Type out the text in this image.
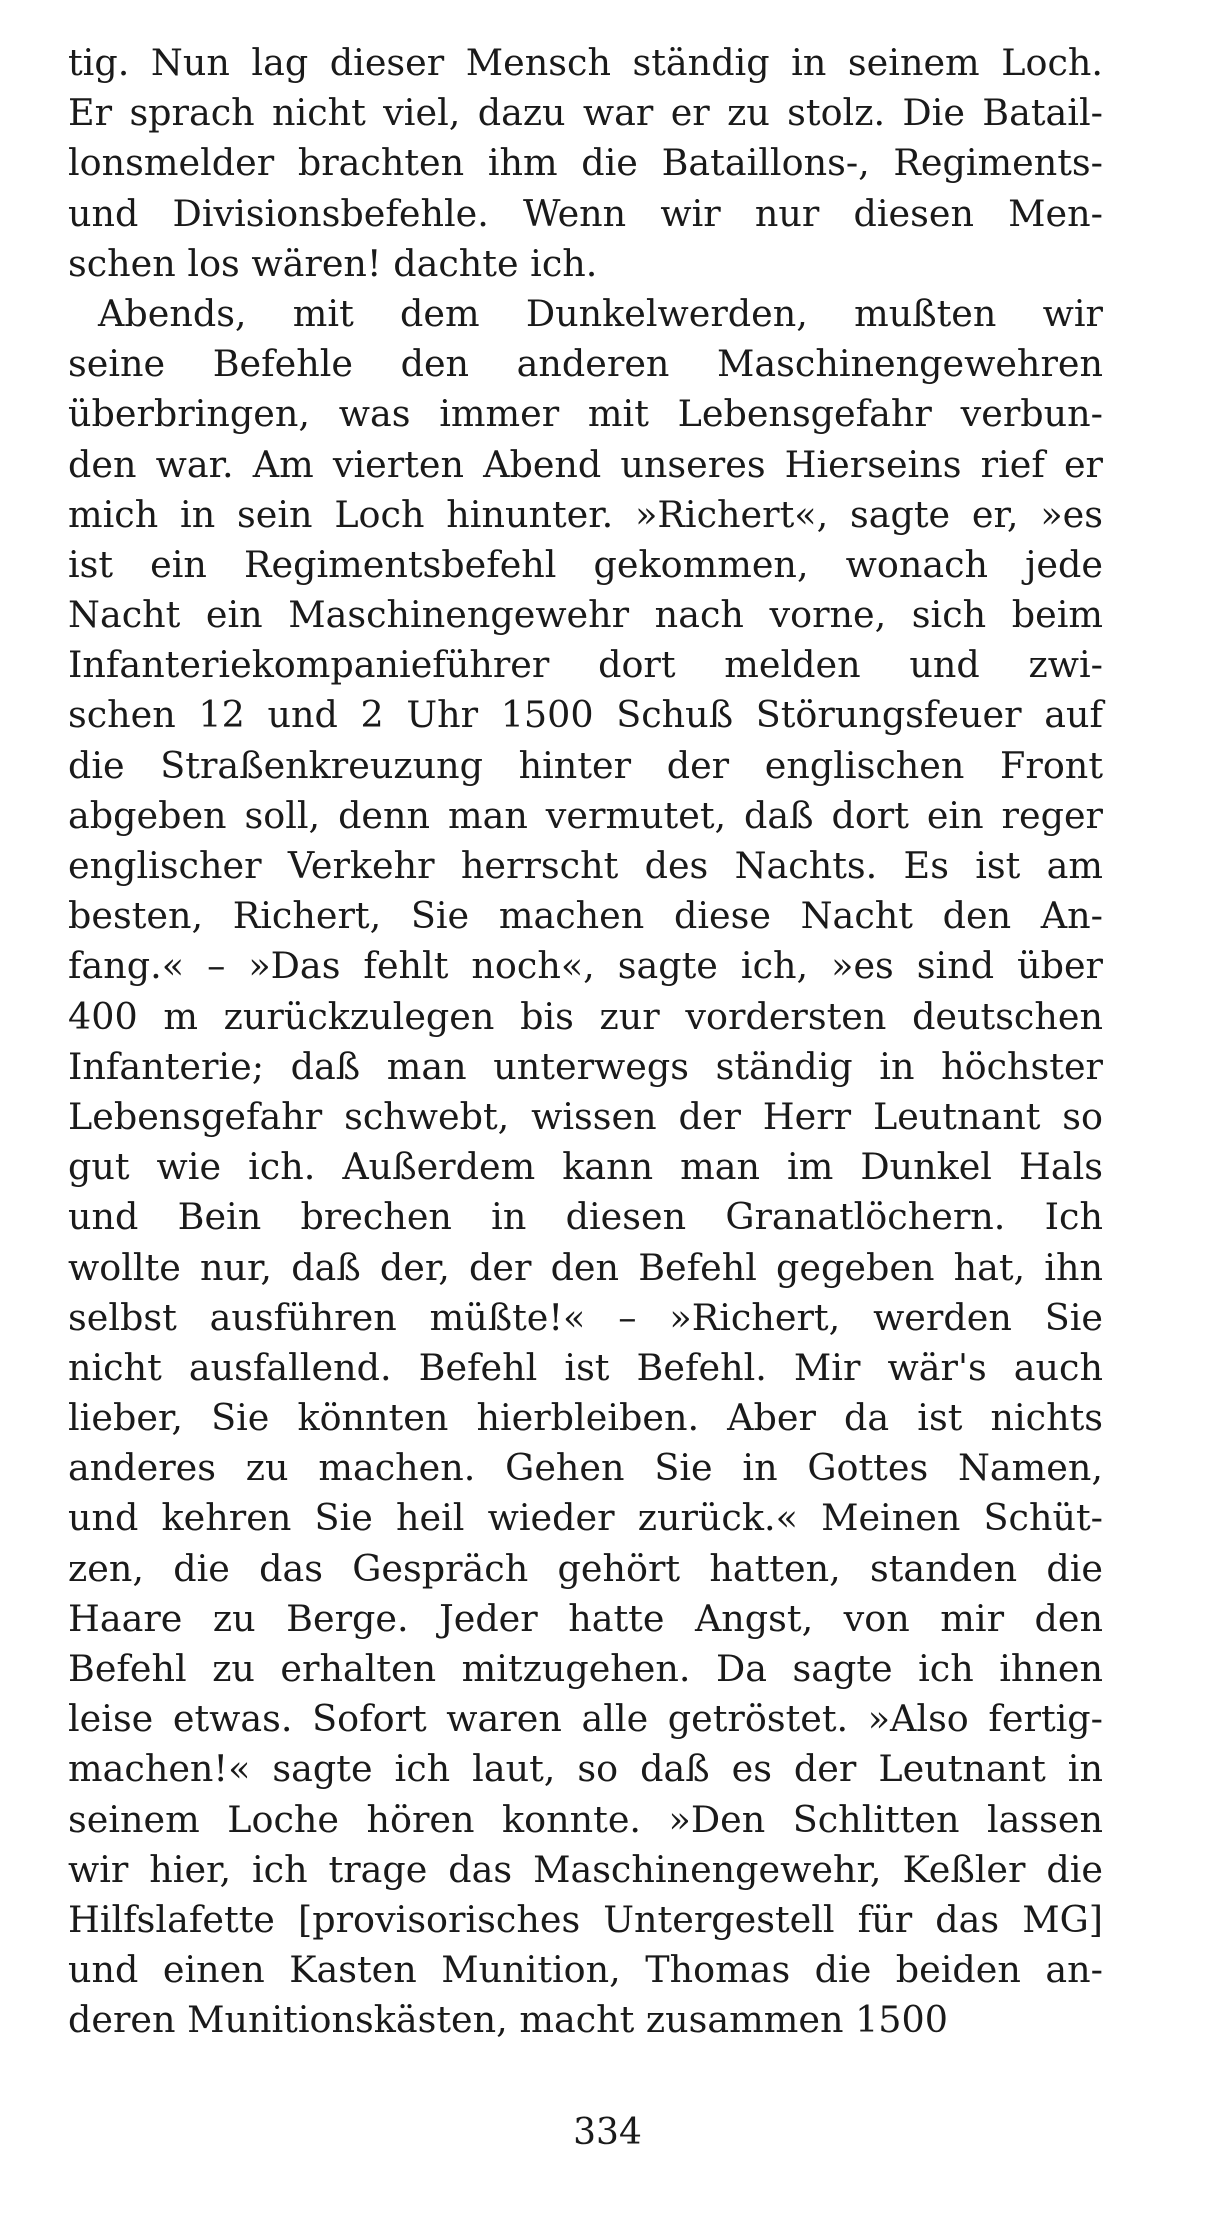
tig. Nun lag dieser Mensch ständig in seinem Loch.
Er sprach nicht viel, dazu war er zu stolz. Die Batail-
lonsmelder brachten ihm die Bataillons-, Regiments-
und Divisionsbefehle. Wenn wir nur diesen Men-
schen los wären! dachte ich.
Abends, mit dem Dunkelwerden, mußten wir
seine Befehle den anderen Maschinengewehren
überbringen, was immer mit Lebensgefahr verbun-
den war. Am vierten Abend unseres Hierseins rief er
mich in sein Loch hinunter. »Richert«, sagte er, »es
ist ein Regimentsbefehl gekommen, wonach jede
Nacht ein Maschinengewehr nach vorne, sich beim
Infanteriekompanieführer dort melden und zwi-
schen 12 und 2 Uhr 1500 Schuß Störungsfeuer auf
die Straßenkreuzung hinter der englischen Front
abgeben soll, denn man vermutet, daß dort ein reger
englischer Verkehr herrscht des Nachts. Es ist am
besten, Richert, Sie machen diese Nacht den An-
fang.« – »Das fehlt noch«, sagte ich, »es sind über
400 m zurückzulegen bis zur vordersten deutschen
Infanterie; daß man unterwegs ständig in höchster
Lebensgefahr schwebt, wissen der Herr Leutnant so
gut wie ich. Außerdem kann man im Dunkel Hals
und Bein brechen in diesen Granatlöchern. Ich
wollte nur, daß der, der den Befehl gegeben hat, ihn
selbst ausführen müßte!« – »Richert, werden Sie
nicht ausfallend. Befehl ist Befehl. Mir wär's auch
lieber, Sie könnten hierbleiben. Aber da ist nichts
anderes zu machen. Gehen Sie in Gottes Namen,
und kehren Sie heil wieder zurück.« Meinen Schüt-
zen, die das Gespräch gehört hatten, standen die
Haare zu Berge. Jeder hatte Angst, von mir den
Befehl zu erhalten mitzugehen. Da sagte ich ihnen
leise etwas. Sofort waren alle getröstet. »Also fertig-
machen!« sagte ich laut, so daß es der Leutnant in
seinem Loche hören konnte. »Den Schlitten lassen
wir hier, ich trage das Maschinengewehr, Keßler die
Hilfslafette [provisorisches Untergestell für das MG]
und einen Kasten Munition, Thomas die beiden an-
deren Munitionskästen, macht zusammen 1500
334
